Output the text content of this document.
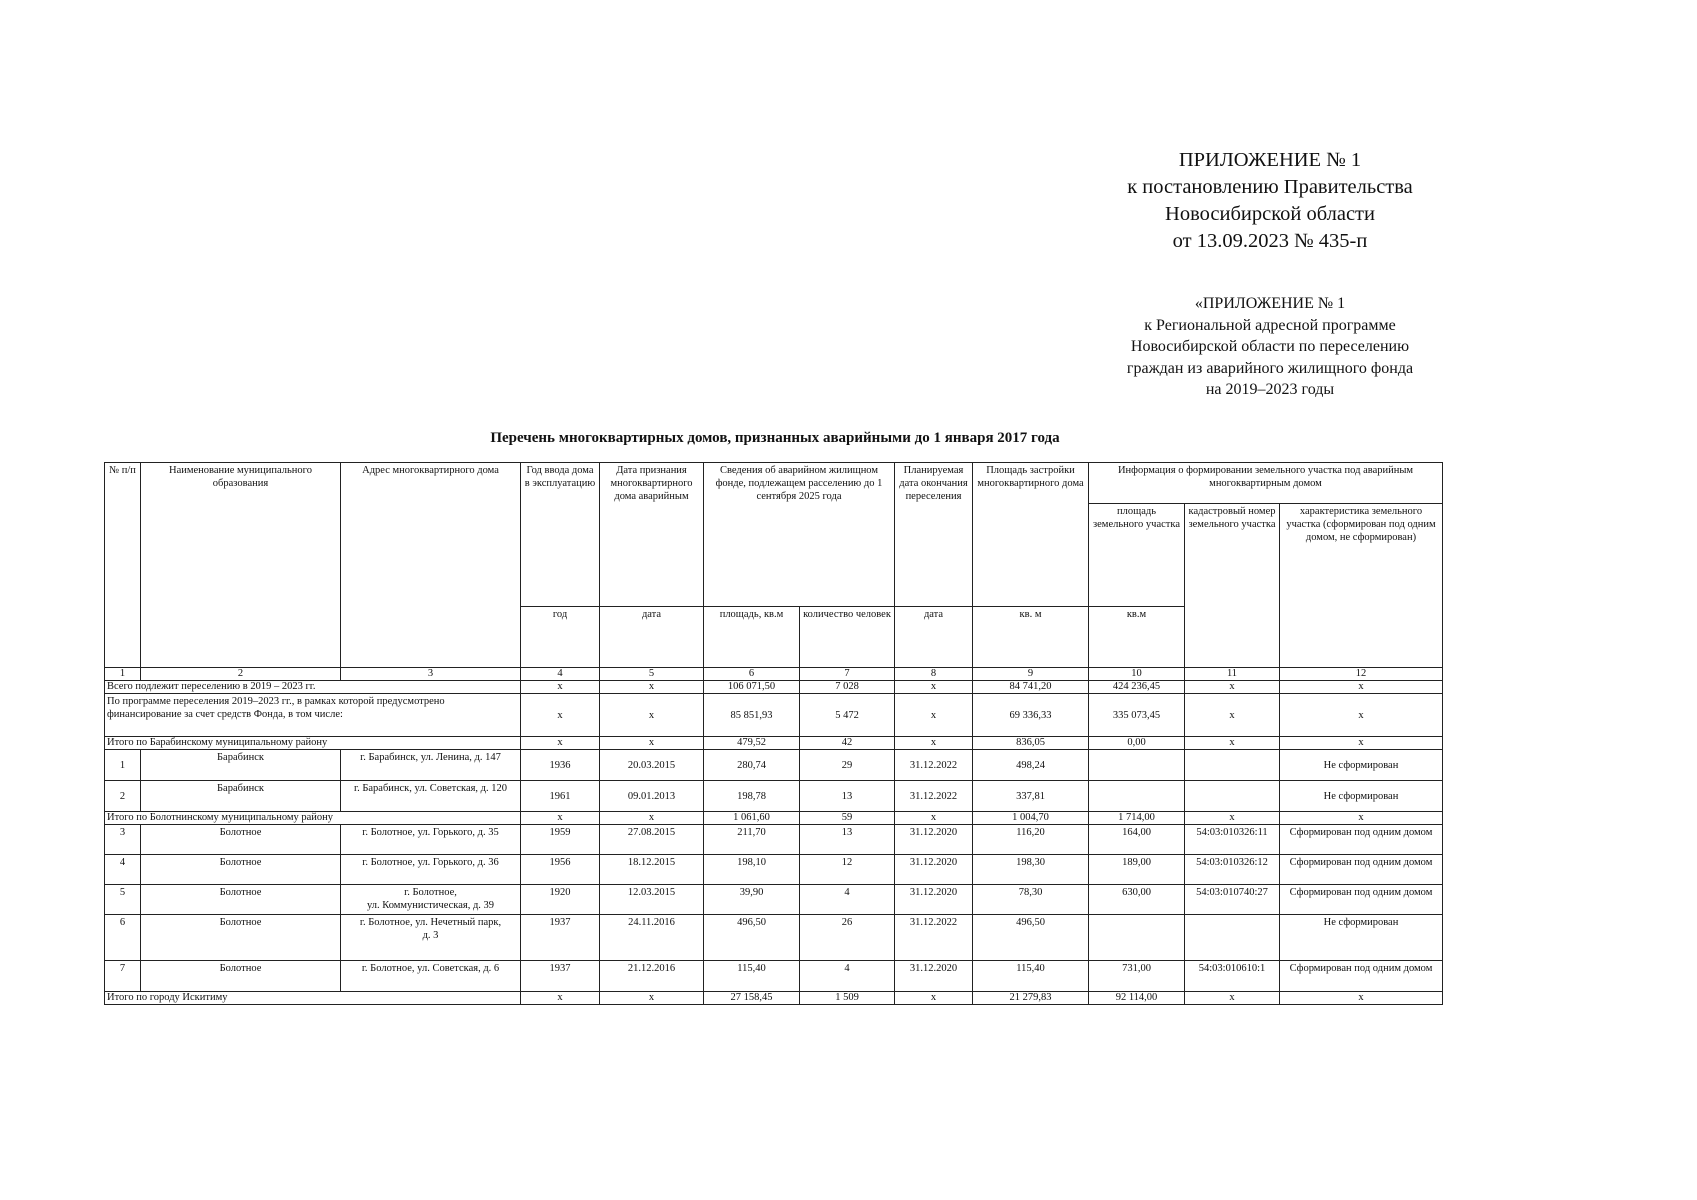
ПРИЛОЖЕНИЕ № 1
к постановлению Правительства
Новосибирской области
от 13.09.2023 № 435-п
«ПРИЛОЖЕНИЕ № 1
к Региональной адресной программе
Новосибирской области по переселению
граждан из аварийного жилищного фонда
на 2019–2023 годы
Перечень многоквартирных домов, признанных аварийными до 1 января 2017 года
№ п/п	Наименование муниципального образования	Адрес многоквартирного дома	Год ввода дома в эксплуатацию	Дата признания многоквартирного дома аварийным	Сведения об аварийном жилищном фонде, подлежащем расселению до 1 сентября 2025 года		Планируемая дата окончания переселения	Площадь застройки многоквартирного дома	Информация о формировании земельного участка под аварийным многоквартирным домом		
									площадь земельного участка	кадастровый номер земельного участка	характеристика земельного участка (сформирован под одним домом, не сформирован)
			год	дата	площадь, кв.м	количество человек	дата	кв. м	кв.м		
1	2	3	4	5	6	7	8	9	10	11	12
Всего подлежит переселению в 2019 – 2023 гг.			х	х	106 071,50	7 028	х	84 741,20	424 236,45	х	х

По программе переселения 2019–2023 гг., в рамках которой предусмотрено
финансирование за счет средств Фонда, в том числе:			х	х	85 851,93	5 472	х	69 336,33	335 073,45	х	х
Итого по Барабинскому муниципальному району			х	х	479,52	42	х	836,05	0,00	х	х
1	Барабинск	г. Барабинск, ул. Ленина, д. 147	1936	20.03.2015	280,74	29	31.12.2022	498,24			Не сформирован
2	Барабинск	г. Барабинск, ул. Советская, д. 120	1961	09.01.2013	198,78	13	31.12.2022	337,81			Не сформирован
Итого по Болотнинскому муниципальному району			х	х	1 061,60	59	х	1 004,70	1 714,00	х	х
3	Болотное	г. Болотное, ул. Горького, д. 35	1959	27.08.2015	211,70	13	31.12.2020	116,20	164,00	54:03:010326:11	Сформирован под одним домом
4	Болотное	г. Болотное, ул. Горького, д. 36	1956	18.12.2015	198,10	12	31.12.2020	198,30	189,00	54:03:010326:12	Сформирован под одним домом
5	Болотное	г. Болотное,
ул. Коммунистическая, д. 39	1920	12.03.2015	39,90	4	31.12.2020	78,30	630,00	54:03:010740:27	Сформирован под одним домом
6	Болотное	г. Болотное, ул. Нечетный парк,
д. 3	1937	24.11.2016	496,50	26	31.12.2022	496,50			Не сформирован
7	Болотное	г. Болотное, ул. Советская, д. 6	1937	21.12.2016	115,40	4	31.12.2020	115,40	731,00	54:03:010610:1	Сформирован под одним домом
Итого по городу Искитиму			х	х	27 158,45	1 509	х	21 279,83	92 114,00	х	х
